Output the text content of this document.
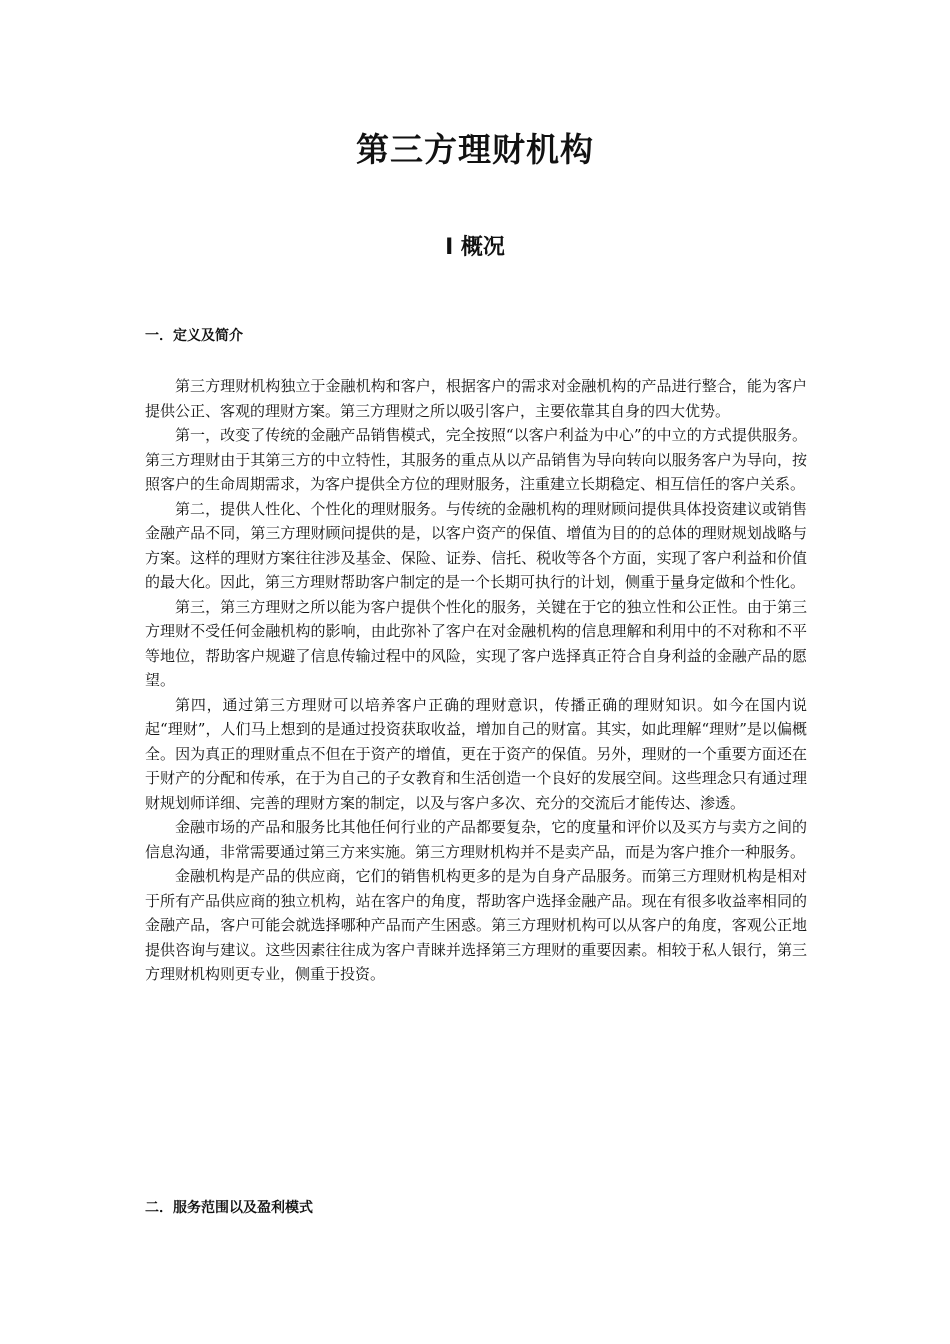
第三方理财机构
Ⅰ 概况
一．定义及简介

第三方理财机构独立于金融机构和客户，根据客户的需求对金融机构的产品进行整合，能为客户提供公正、客观的理财方案。第三方理财之所以吸引客户，主要依靠其自身的四大优势。

第一，改变了传统的金融产品销售模式，完全按照“以客户利益为中心”的中立的方式提供服务。第三方理财由于其第三方的中立特性，其服务的重点从以产品销售为导向转向以服务客户为导向，按照客户的生命周期需求，为客户提供全方位的理财服务，注重建立长期稳定、相互信任的客户关系。

第二，提供人性化、个性化的理财服务。与传统的金融机构的理财顾问提供具体投资建议或销售金融产品不同，第三方理财顾问提供的是，以客户资产的保值、增值为目的的总体的理财规划战略与方案。这样的理财方案往往涉及基金、保险、证券、信托、税收等各个方面，实现了客户利益和价值的最大化。因此，第三方理财帮助客户制定的是一个长期可执行的计划，侧重于量身定做和个性化。

第三，第三方理财之所以能为客户提供个性化的服务，关键在于它的独立性和公正性。由于第三方理财不受任何金融机构的影响，由此弥补了客户在对金融机构的信息理解和利用中的不对称和不平等地位，帮助客户规避了信息传输过程中的风险，实现了客户选择真正符合自身利益的金融产品的愿望。

第四，通过第三方理财可以培养客户正确的理财意识，传播正确的理财知识。如今在国内说起“理财”，人们马上想到的是通过投资获取收益，增加自己的财富。其实，如此理解“理财”是以偏概全。因为真正的理财重点不但在于资产的增值，更在于资产的保值。另外，理财的一个重要方面还在于财产的分配和传承，在于为自己的子女教育和生活创造一个良好的发展空间。这些理念只有通过理财规划师详细、完善的理财方案的制定，以及与客户多次、充分的交流后才能传达、渗透。

金融市场的产品和服务比其他任何行业的产品都要复杂，它的度量和评价以及买方与卖方之间的信息沟通，非常需要通过第三方来实施。第三方理财机构并不是卖产品，而是为客户推介一种服务。

金融机构是产品的供应商，它们的销售机构更多的是为自身产品服务。而第三方理财机构是相对于所有产品供应商的独立机构，站在客户的角度，帮助客户选择金融产品。现在有很多收益率相同的金融产品，客户可能会就选择哪种产品而产生困惑。第三方理财机构可以从客户的角度，客观公正地提供咨询与建议。这些因素往往成为客户青睐并选择第三方理财的重要因素。相较于私人银行，第三方理财机构则更专业，侧重于投资。

二．服务范围以及盈利模式
